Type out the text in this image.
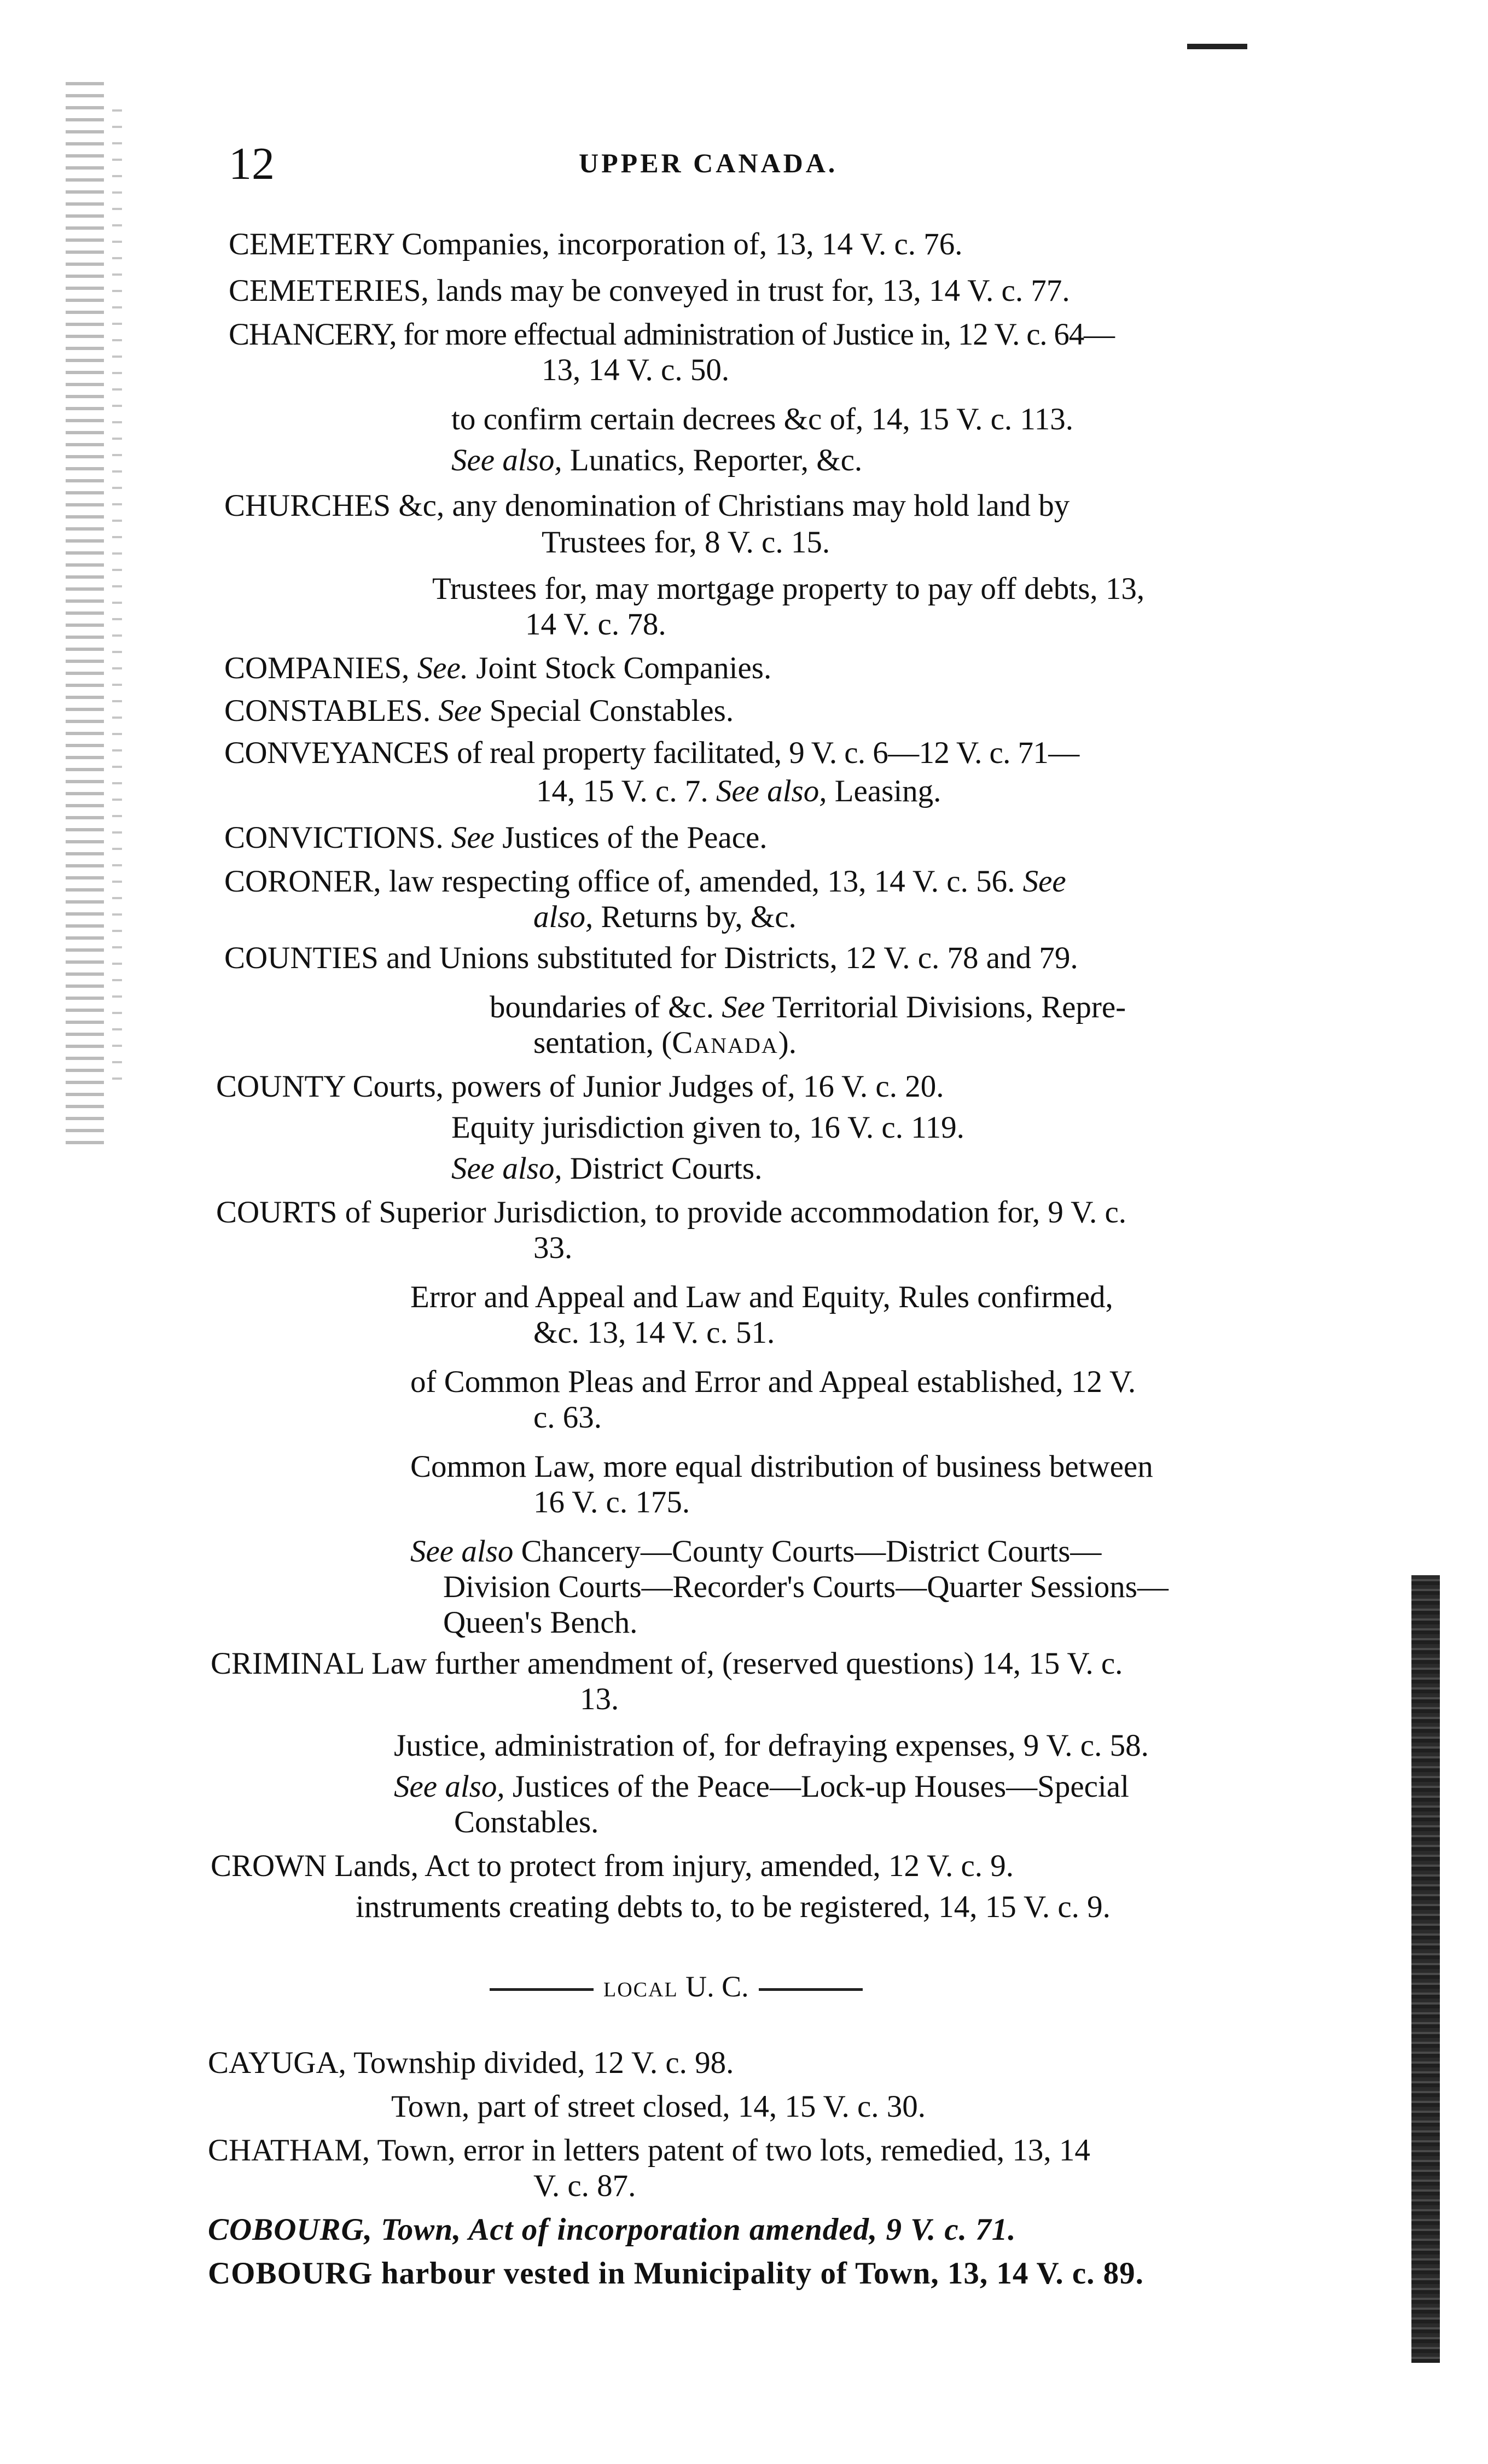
12	UPPER CANADA.
CEMETERY Companies, incorporation of, 13, 14 V. c. 76.
CEMETERIES, lands may be conveyed in trust for, 13, 14 V. c. 77.
CHANCERY, for more effectual administration of Justice in, 12 V. c. 64—
13, 14 V. c. 50.
to confirm certain decrees &c of, 14, 15 V. c. 113.
See also, Lunatics, Reporter, &c.
CHURCHES &c, any denomination of Christians may hold land by
Trustees for, 8 V. c. 15.
Trustees for, may mortgage property to pay off debts, 13,
14 V. c. 78.
COMPANIES, See. Joint Stock Companies.
CONSTABLES. See Special Constables.
CONVEYANCES of real property facilitated, 9 V. c. 6—12 V. c. 71—
14, 15 V. c. 7. See also, Leasing.
CONVICTIONS. See Justices of the Peace.
CORONER, law respecting office of, amended, 13, 14 V. c. 56. See
also, Returns by, &c.
COUNTIES and Unions substituted for Districts, 12 V. c. 78 and 79.
boundaries of &c. See Territorial Divisions, Repre-
sentation, (Canada).
COUNTY Courts, powers of Junior Judges of, 16 V. c. 20.
Equity jurisdiction given to, 16 V. c. 119.
See also, District Courts.
COURTS of Superior Jurisdiction, to provide accommodation for, 9 V. c.
33.
Error and Appeal and Law and Equity, Rules confirmed,
&c. 13, 14 V. c. 51.
of Common Pleas and Error and Appeal established, 12 V.
c. 63.
Common Law, more equal distribution of business between
16 V. c. 175.
See also Chancery—County Courts—District Courts—
Division Courts—Recorder's Courts—Quarter Sessions—
Queen's Bench.
CRIMINAL Law further amendment of, (reserved questions) 14, 15 V. c.
13.
Justice, administration of, for defraying expenses, 9 V. c. 58.
See also, Justices of the Peace—Lock-up Houses—Special
Constables.
CROWN Lands, Act to protect from injury, amended, 12 V. c. 9.
instruments creating debts to, to be registered, 14, 15 V. c. 9.
local U. C.
CAYUGA, Township divided, 12 V. c. 98.
Town, part of street closed, 14, 15 V. c. 30.
CHATHAM, Town, error in letters patent of two lots, remedied, 13, 14
V. c. 87.
COBOURG, Town, Act of incorporation amended, 9 V. c. 71.
COBOURG harbour vested in Municipality of Town, 13, 14 V. c. 89.
